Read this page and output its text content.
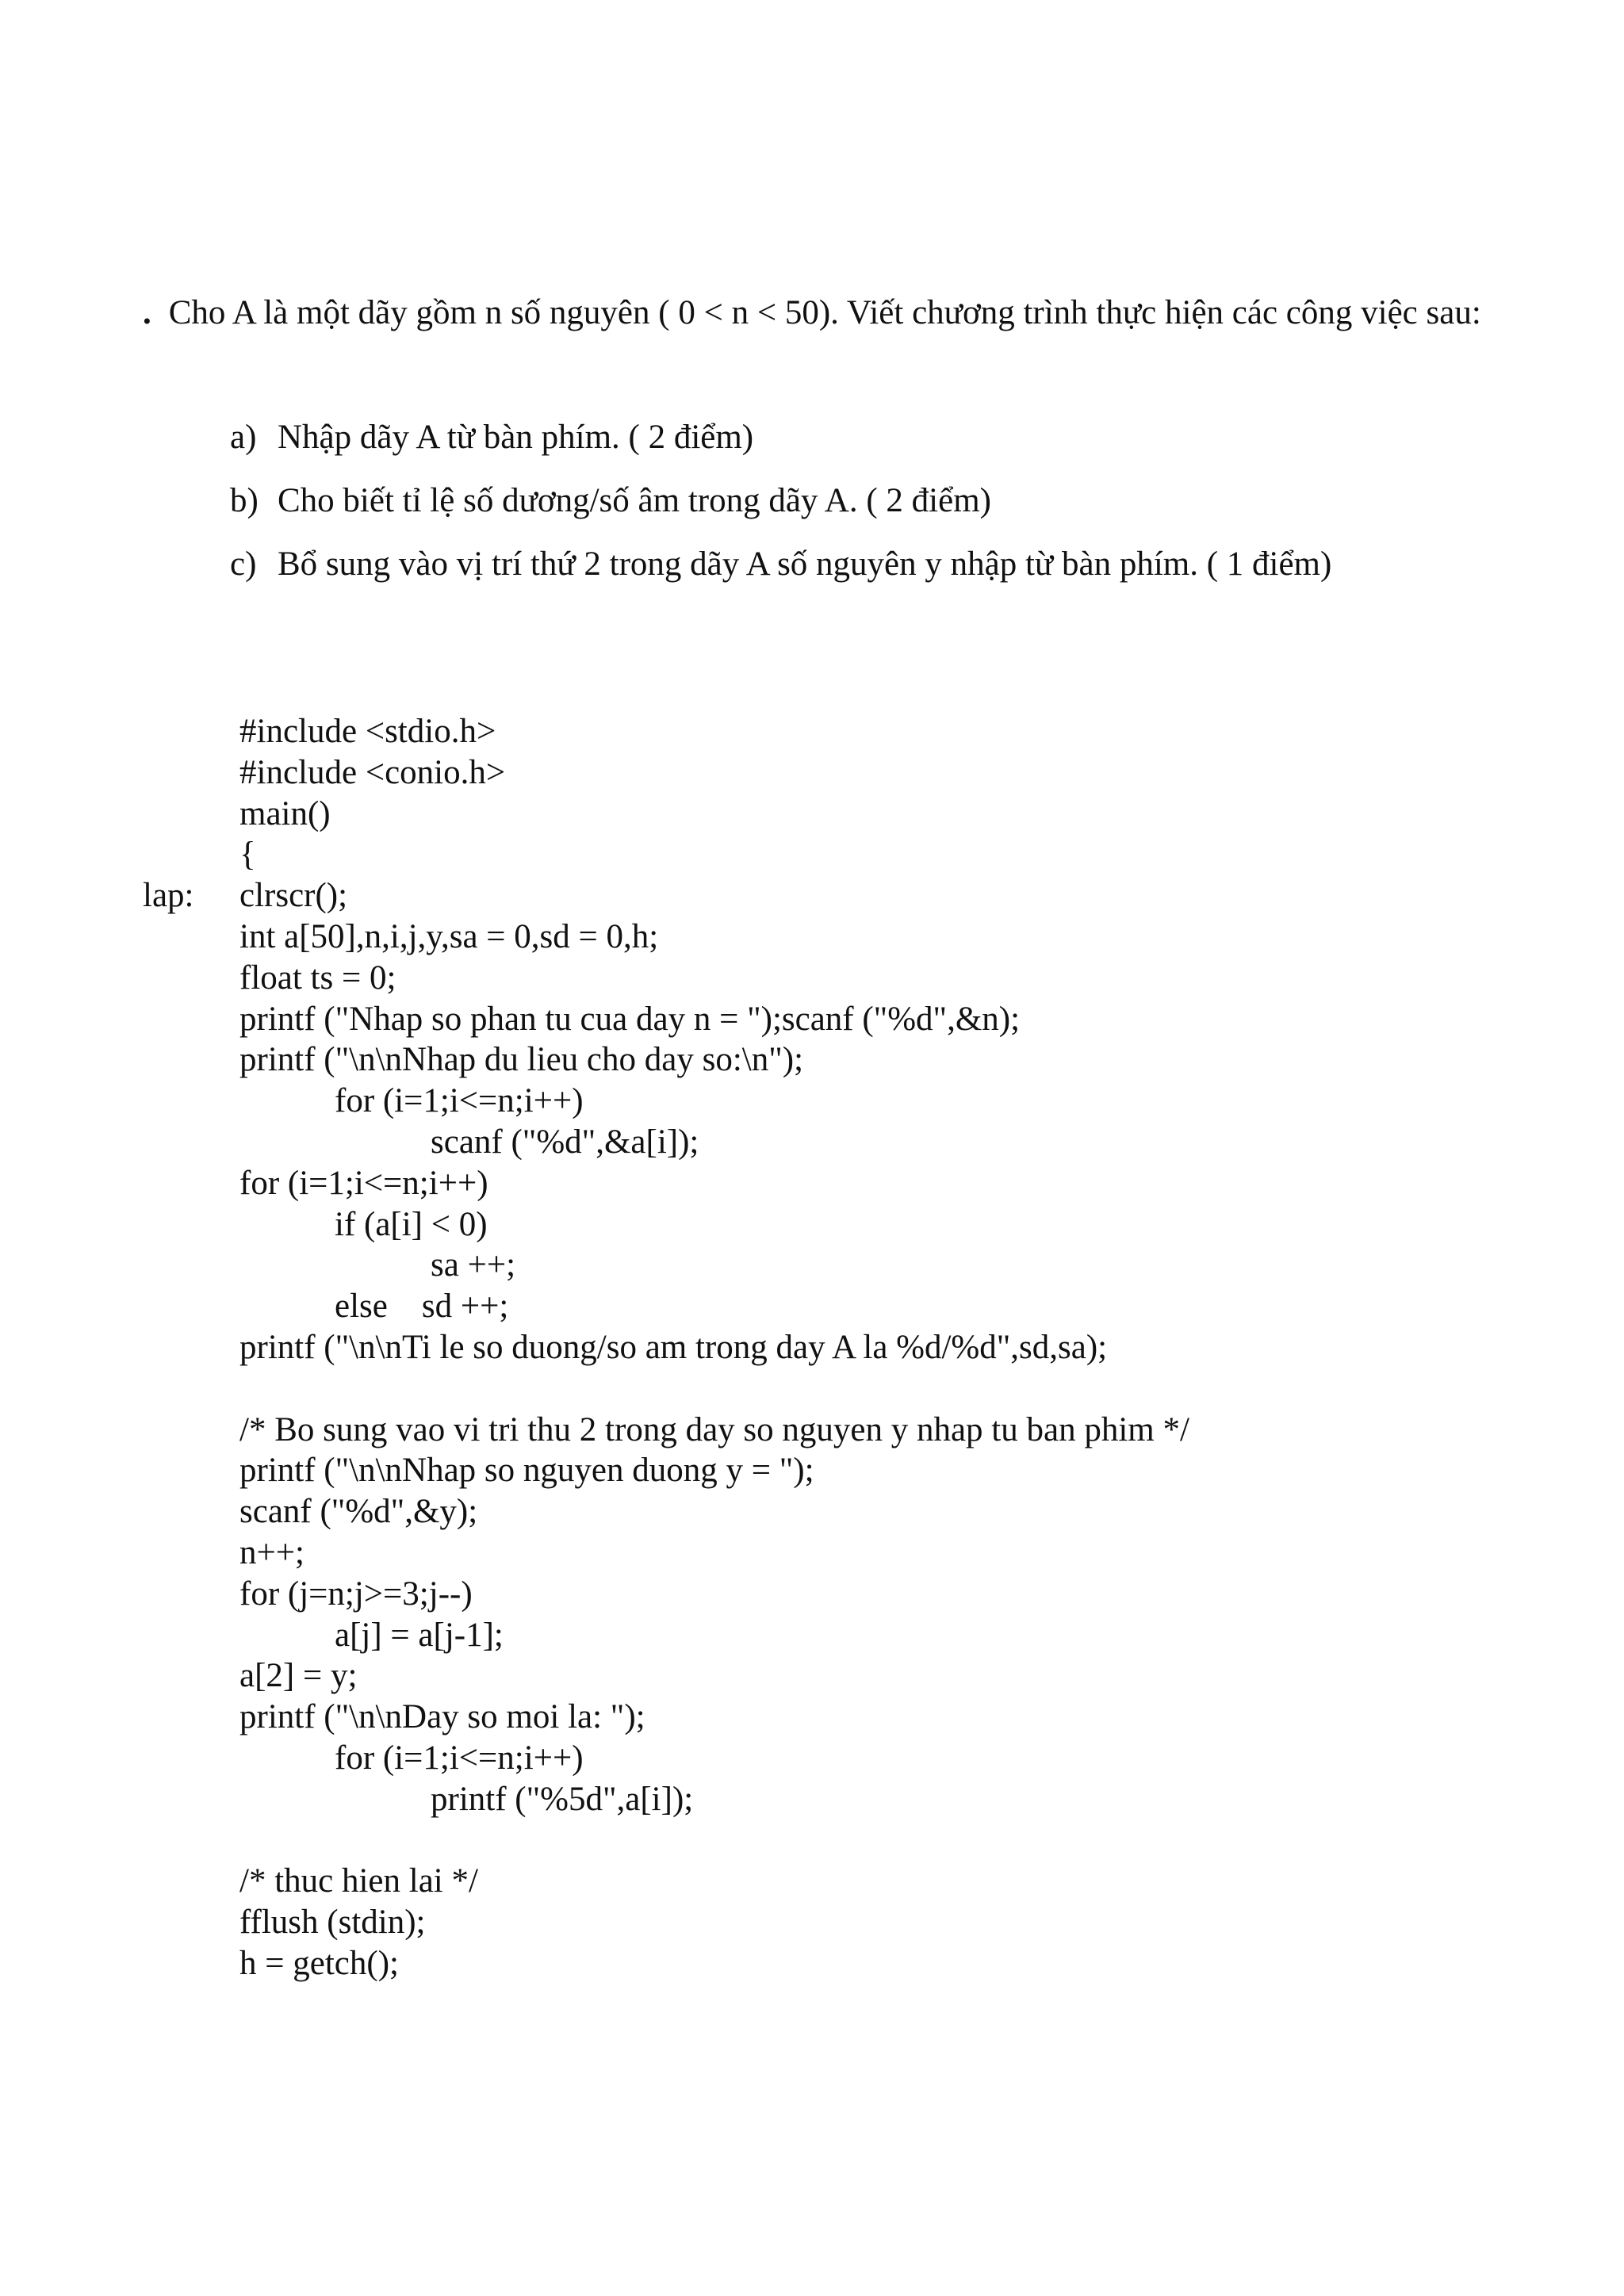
. Cho A là một dãy gồm n số nguyên ( 0 < n < 50). Viết chương trình thực hiện các công việc sau:

a) Nhập dãy A từ bàn phím. ( 2 điểm)
b) Cho biết tỉ lệ số dương/số âm trong dãy A. ( 2 điểm)
c) Bổ sung vào vị trí thứ 2 trong dãy A số nguyên y nhập từ bàn phím. ( 1 điểm)
#include <stdio.h>
#include <conio.h>
main()
{
lap: clrscr();
int a[50],n,i,j,y,sa = 0,sd = 0,h;
float ts = 0;
printf ("Nhap so phan tu cua day n = ");scanf ("%d",&n);
printf ("\n\nNhap du lieu cho day so:\n");
for (i=1;i<=n;i++)
scanf ("%d",&a[i]);
for (i=1;i<=n;i++)
if (a[i] < 0)
sa ++;
else    sd ++;
printf ("\n\nTi le so duong/so am trong day A la %d/%d",sd,sa);
/* Bo sung vao vi tri thu 2 trong day so nguyen y nhap tu ban phim */
printf ("\n\nNhap so nguyen duong y = ");
scanf ("%d",&y);
n++;
for (j=n;j>=3;j--)
a[j] = a[j-1];
a[2] = y;
printf ("\n\nDay so moi la: ");
for (i=1;i<=n;i++)
printf ("%5d",a[i]);
/* thuc hien lai */
fflush (stdin);
h = getch();
